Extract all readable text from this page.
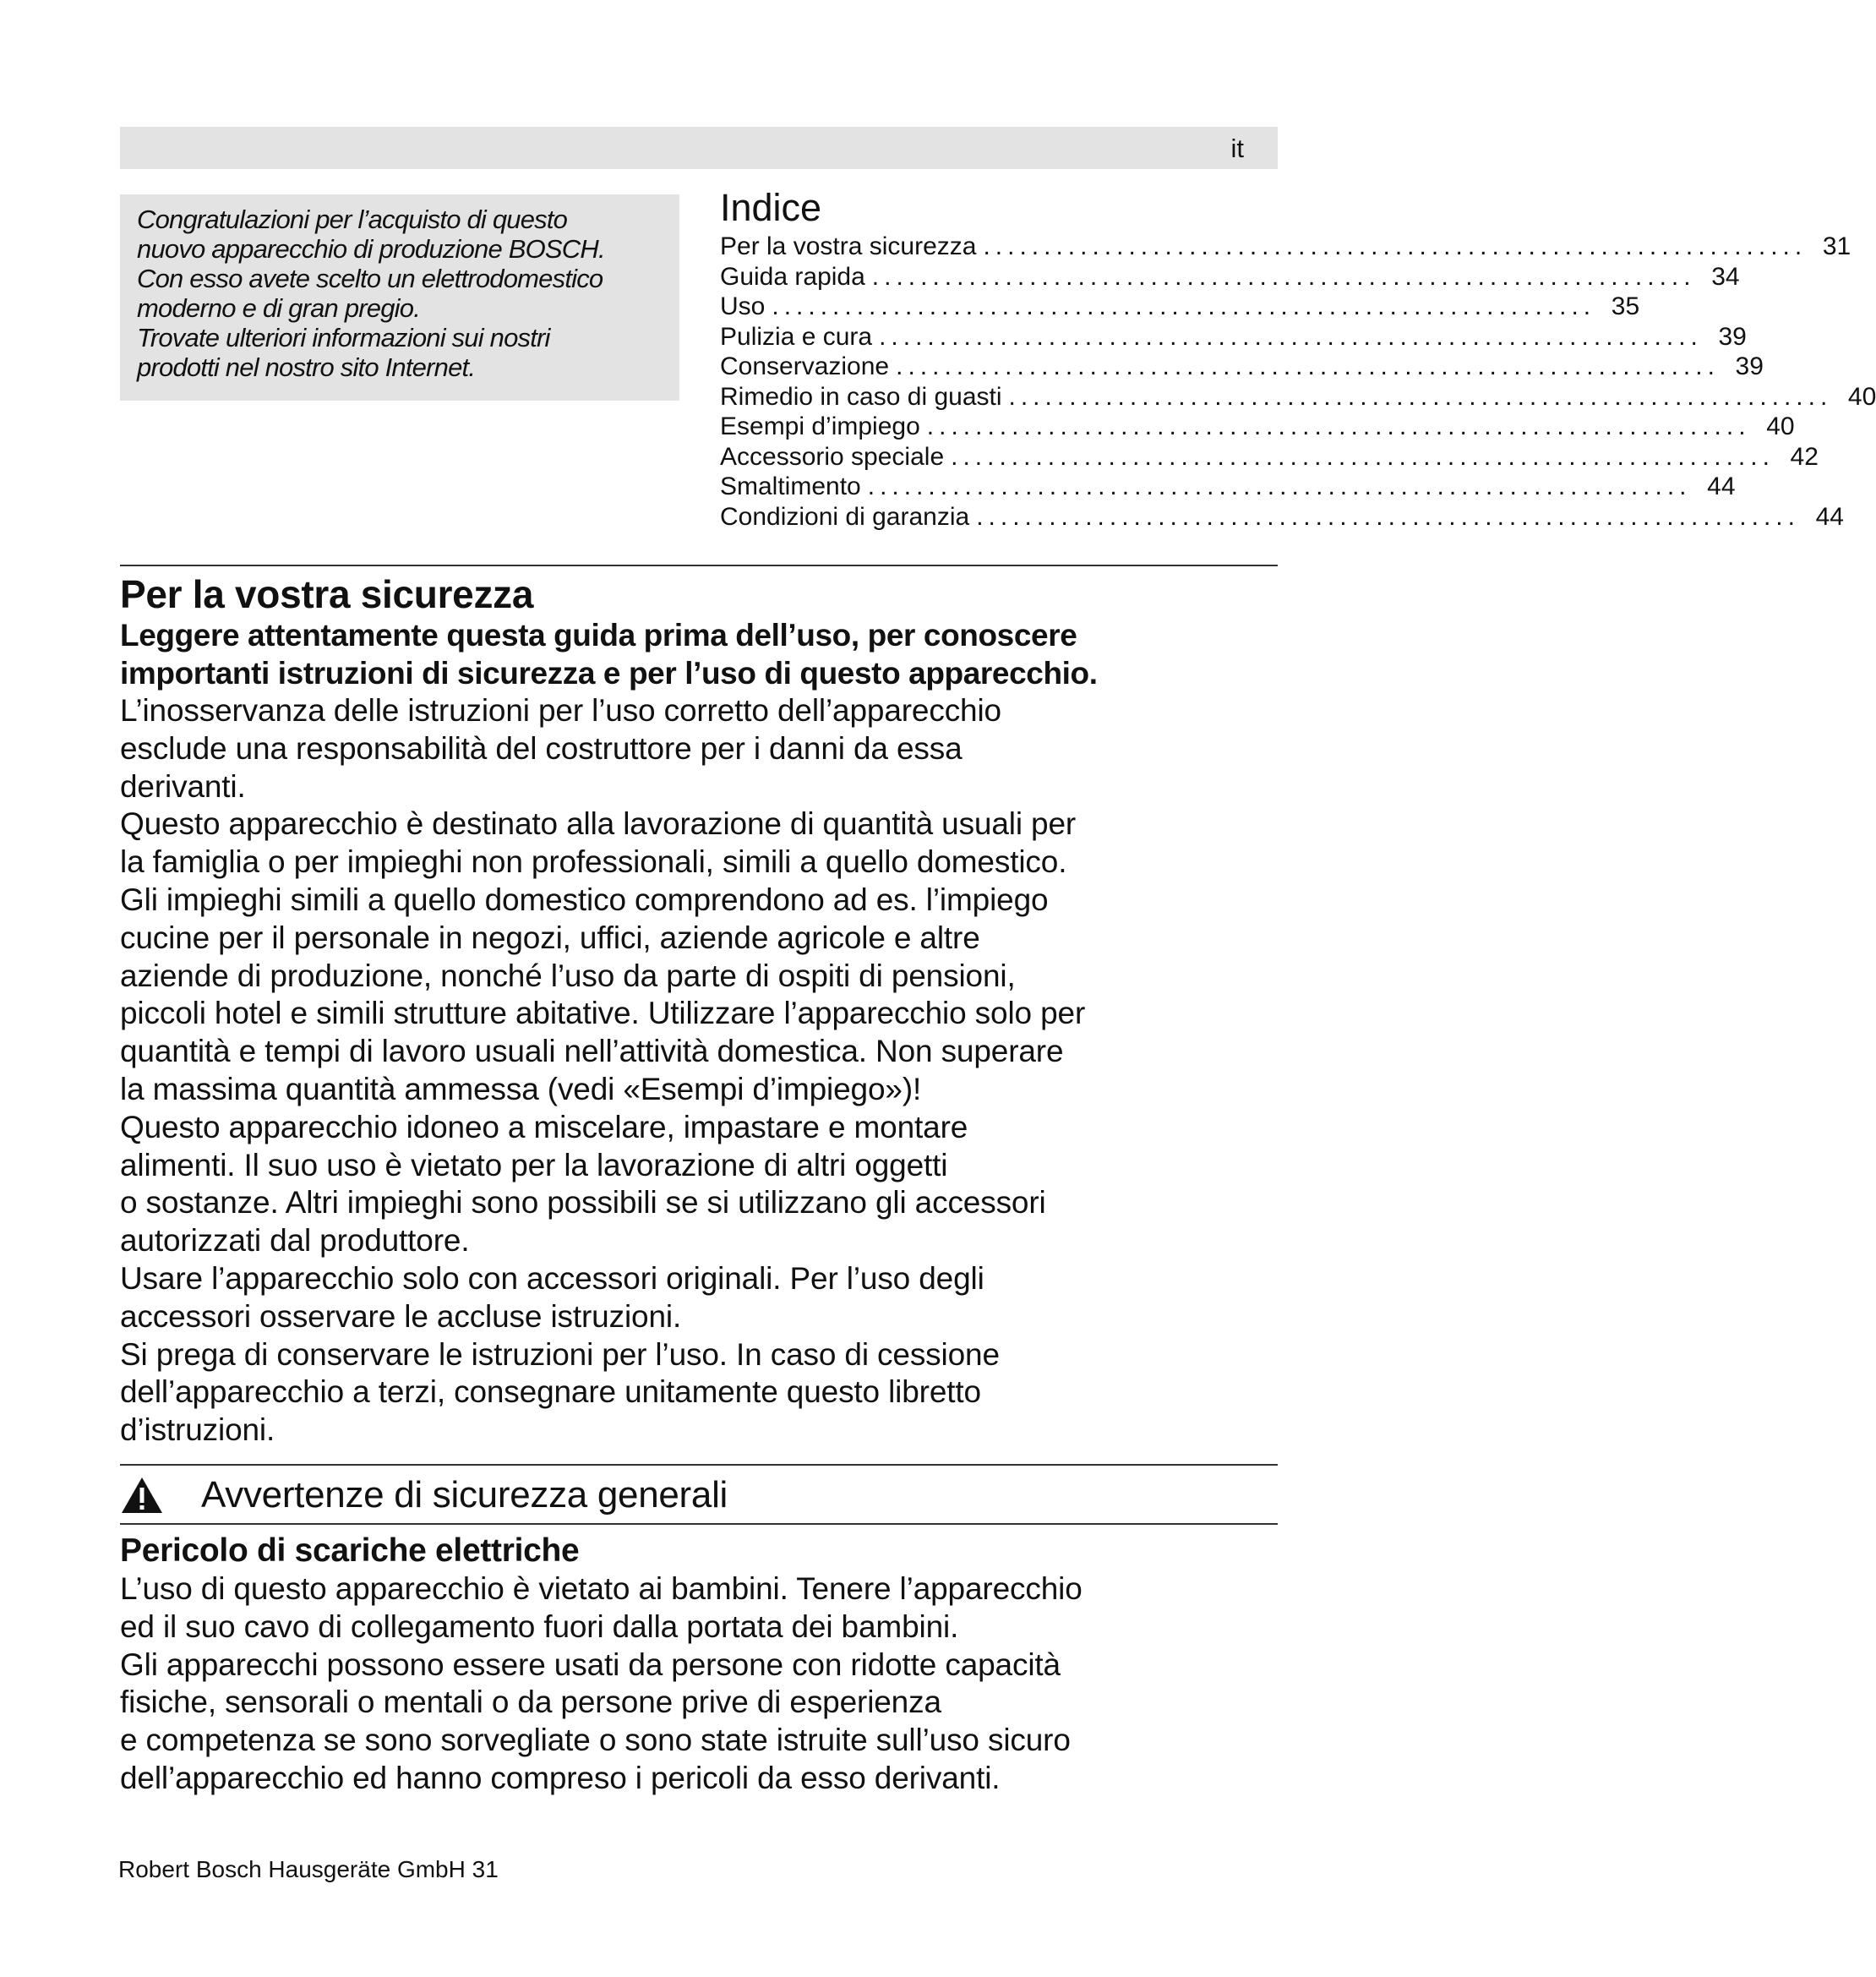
it
Congratulazioni per l’acquisto di questo
nuovo apparecchio di produzione BOSCH.
Con esso avete scelto un elettrodomestico
moderno e di gran pregio.
Trovate ulteriori informazioni sui nostri
prodotti nel nostro sito Internet.
Indice
Per la vostra sicurezza .................................................................... 31
Guida rapida .................................................................... 34
Uso .................................................................... 35
Pulizia e cura .................................................................... 39
Conservazione .................................................................... 39
Rimedio in caso di guasti .................................................................... 40
Esempi d’impiego .................................................................... 40
Accessorio speciale .................................................................... 42
Smaltimento .................................................................... 44
Condizioni di garanzia .................................................................... 44
Per la vostra sicurezza

Leggere attentamente questa guida prima dell’uso, per conoscere

importanti istruzioni di sicurezza e per l’uso di questo apparecchio.

L’inosservanza delle istruzioni per l’uso corretto dell’apparecchio

esclude una responsabilità del costruttore per i danni da essa

derivanti.

Questo apparecchio è destinato alla lavorazione di quantità usuali per

la famiglia o per impieghi non professionali, simili a quello domestico.

Gli impieghi simili a quello domestico comprendono ad es. l’impiego

cucine per il personale in negozi, uffici, aziende agricole e altre

aziende di produzione, nonché l’uso da parte di ospiti di pensioni,

piccoli hotel e simili strutture abitative. Utilizzare l’apparecchio solo per

quantità e tempi di lavoro usuali nell’attività domestica. Non superare

la massima quantità ammessa (vedi «Esempi d’impiego»)!

Questo apparecchio idoneo a miscelare, impastare e montare

alimenti. Il suo uso è vietato per la lavorazione di altri oggetti

o sostanze. Altri impieghi sono possibili se si utilizzano gli accessori

autorizzati dal produttore.

Usare l’apparecchio solo con accessori originali. Per l’uso degli

accessori osservare le accluse istruzioni.

Si prega di conservare le istruzioni per l’uso. In caso di cessione

dell’apparecchio a terzi, consegnare unitamente questo libretto

d’istruzioni.

Avvertenze di sicurezza generali
Pericolo di scariche elettriche

L’uso di questo apparecchio è vietato ai bambini. Tenere l’apparecchio

ed il suo cavo di collegamento fuori dalla portata dei bambini.

Gli apparecchi possono essere usati da persone con ridotte capacità

fisiche, sensorali o mentali o da persone prive di esperienza

e competenza se sono sorvegliate o sono state istruite sull’uso sicuro

dell’apparecchio ed hanno compreso i pericoli da esso derivanti.

Robert Bosch Hausgeräte GmbH 31
